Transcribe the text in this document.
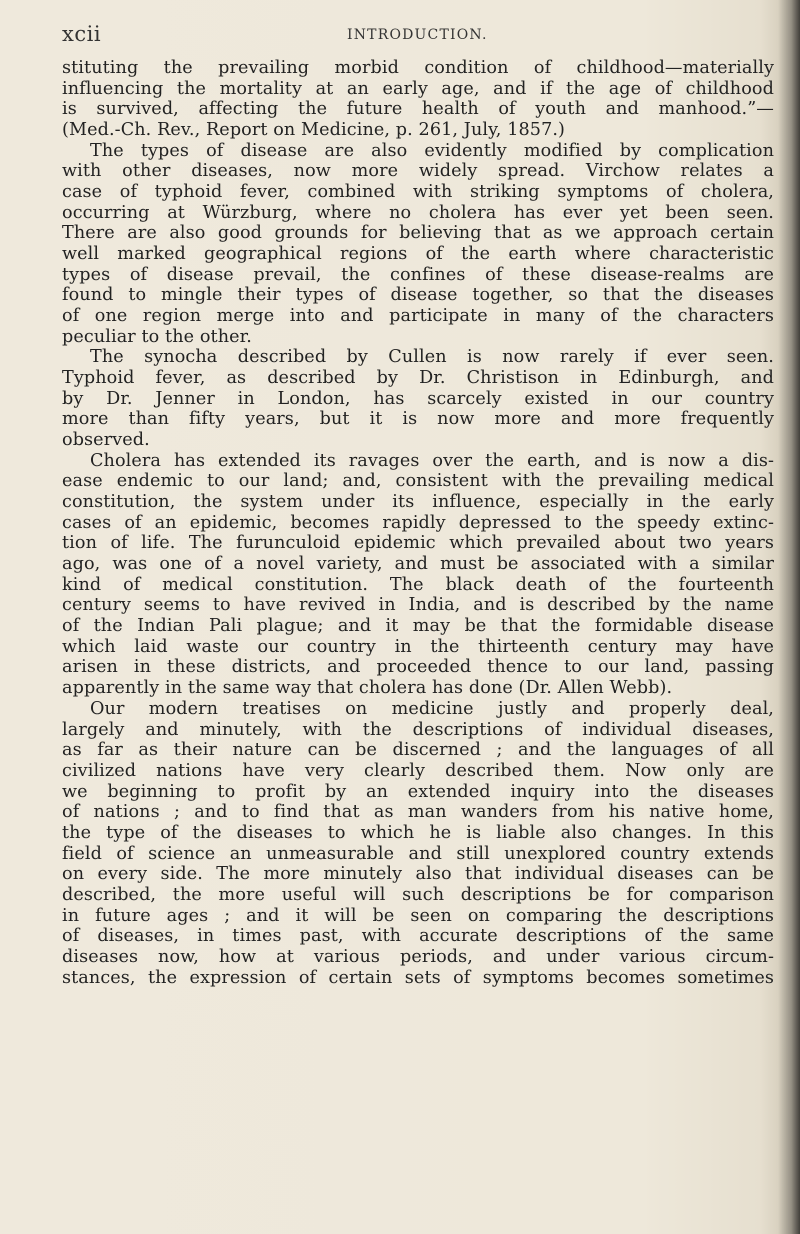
xcii	INTRODUCTION.
stituting the prevailing morbid condition of childhood—materially
influencing the mortality at an early age, and if the age of childhood
is survived, affecting the future health of youth and manhood.”—
(Med.-Ch. Rev., Report on Medicine, p. 261, July, 1857.)
The types of disease are also evidently modified by complication
with other diseases, now more widely spread. Virchow relates a
case of typhoid fever, combined with striking symptoms of cholera,
occurring at Würzburg, where no cholera has ever yet been seen.
There are also good grounds for believing that as we approach certain
well marked geographical regions of the earth where characteristic
types of disease prevail, the confines of these disease-realms are
found to mingle their types of disease together, so that the diseases
of one region merge into and participate in many of the characters
peculiar to the other.
The synocha described by Cullen is now rarely if ever seen.
Typhoid fever, as described by Dr. Christison in Edinburgh, and
by Dr. Jenner in London, has scarcely existed in our country
more than fifty years, but it is now more and more frequently
observed.
Cholera has extended its ravages over the earth, and is now a dis-
ease endemic to our land; and, consistent with the prevailing medical
constitution, the system under its influence, especially in the early
cases of an epidemic, becomes rapidly depressed to the speedy extinc-
tion of life. The furunculoid epidemic which prevailed about two years
ago, was one of a novel variety, and must be associated with a similar
kind of medical constitution. The black death of the fourteenth
century seems to have revived in India, and is described by the name
of the Indian Pali plague; and it may be that the formidable disease
which laid waste our country in the thirteenth century may have
arisen in these districts, and proceeded thence to our land, passing
apparently in the same way that cholera has done (Dr. Allen Webb).
Our modern treatises on medicine justly and properly deal,
largely and minutely, with the descriptions of individual diseases,
as far as their nature can be discerned ; and the languages of all
civilized nations have very clearly described them. Now only are
we beginning to profit by an extended inquiry into the diseases
of nations ; and to find that as man wanders from his native home,
the type of the diseases to which he is liable also changes. In this
field of science an unmeasurable and still unexplored country extends
on every side. The more minutely also that individual diseases can be
described, the more useful will such descriptions be for comparison
in future ages ; and it will be seen on comparing the descriptions
of diseases, in times past, with accurate descriptions of the same
diseases now, how at various periods, and under various circum-
stances, the expression of certain sets of symptoms becomes sometimes
